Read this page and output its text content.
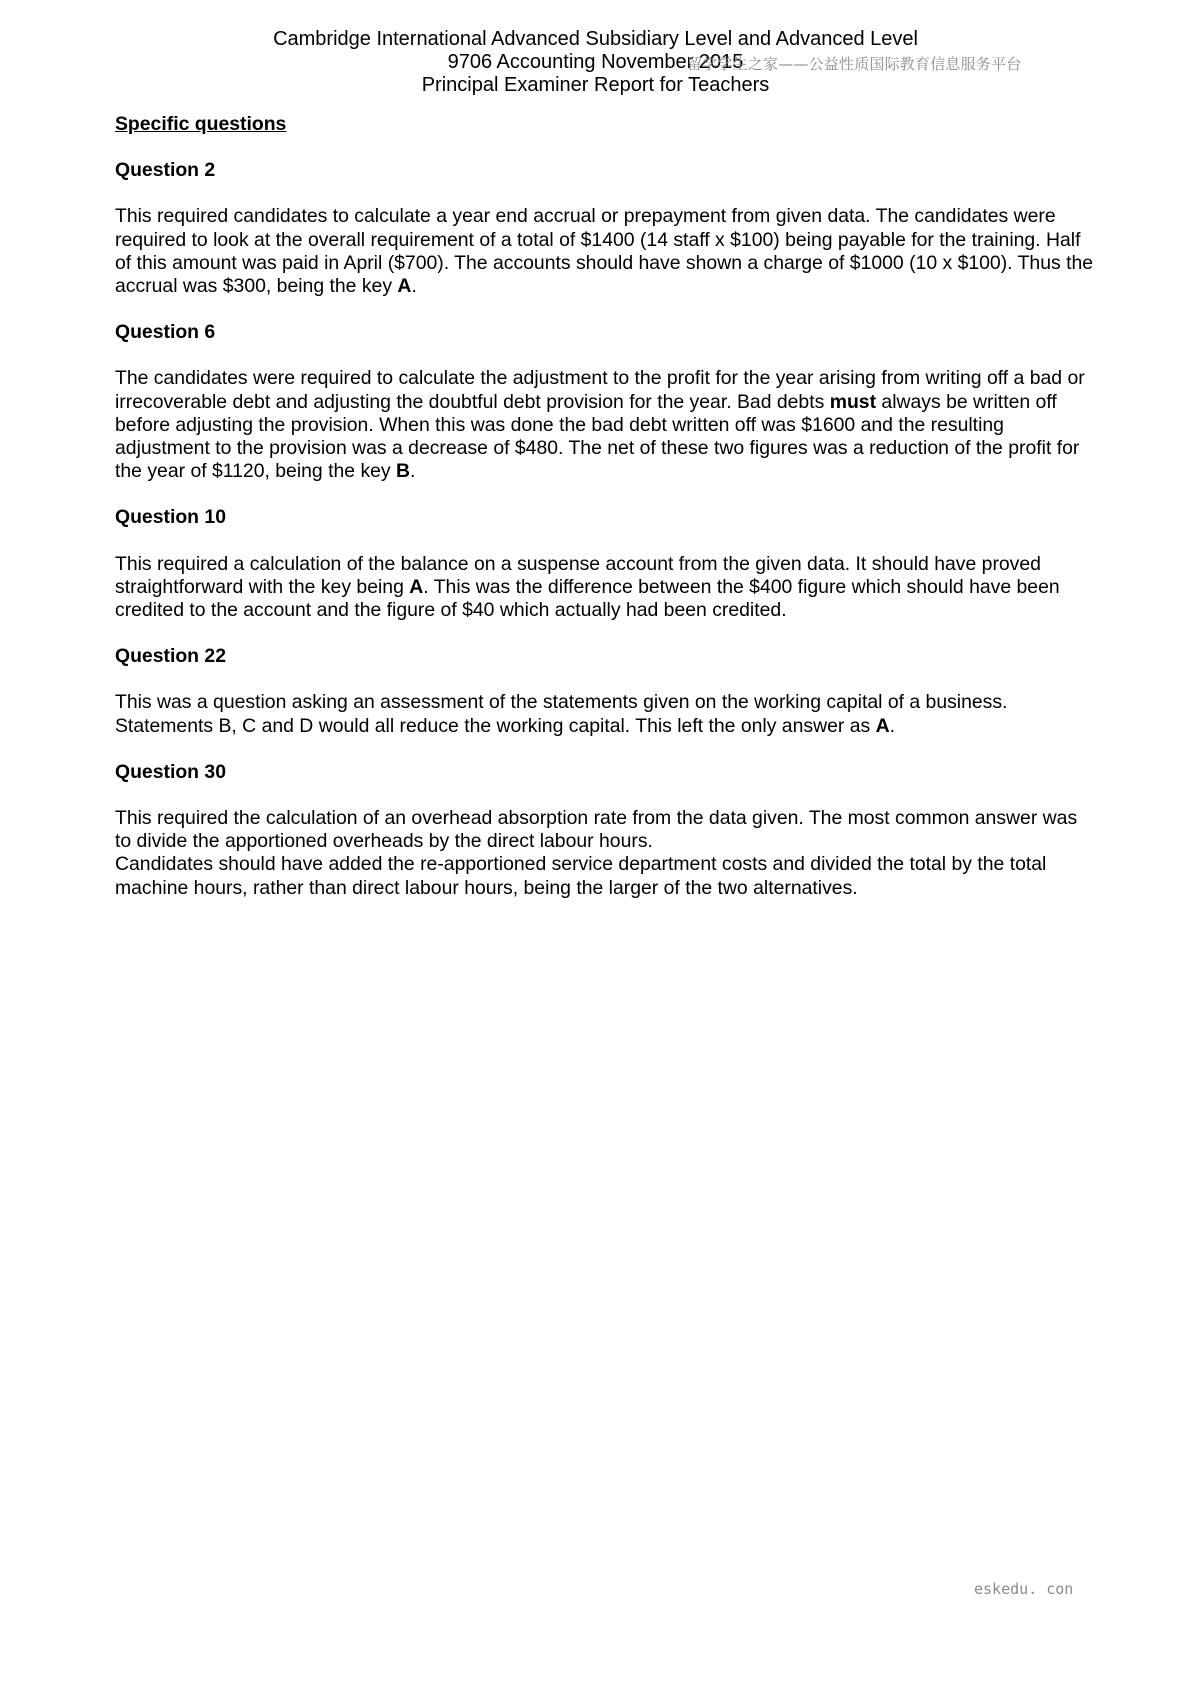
Cambridge International Advanced Subsidiary Level and Advanced Level
9706 Accounting November 2015
Principal Examiner Report for Teachers
留学学生之家——公益性质国际教育信息服务平台
Specific questions
Question 2

This required candidates to calculate a year end accrual or prepayment from given data. The candidates were required to look at the overall requirement of a total of $1400 (14 staff x $100) being payable for the training. Half of this amount was paid in April ($700). The accounts should have shown a charge of $1000 (10 x $100). Thus the accrual was $300, being the key A.

Question 6

The candidates were required to calculate the adjustment to the profit for the year arising from writing off a bad or irrecoverable debt and adjusting the doubtful debt provision for the year. Bad debts must always be written off before adjusting the provision. When this was done the bad debt written off was $1600 and the resulting adjustment to the provision was a decrease of $480. The net of these two figures was a reduction of the profit for the year of $1120, being the key B.

Question 10

This required a calculation of the balance on a suspense account from the given data. It should have proved straightforward with the key being A. This was the difference between the $400 figure which should have been credited to the account and the figure of $40 which actually had been credited.

Question 22

This was a question asking an assessment of the statements given on the working capital of a business. Statements B, C and D would all reduce the working capital. This left the only answer as A.

Question 30

This required the calculation of an overhead absorption rate from the data given. The most common answer was to divide the apportioned overheads by the direct labour hours.

Candidates should have added the re-apportioned service department costs and divided the total by the total machine hours, rather than direct labour hours, being the larger of the two alternatives.

eskedu. con
